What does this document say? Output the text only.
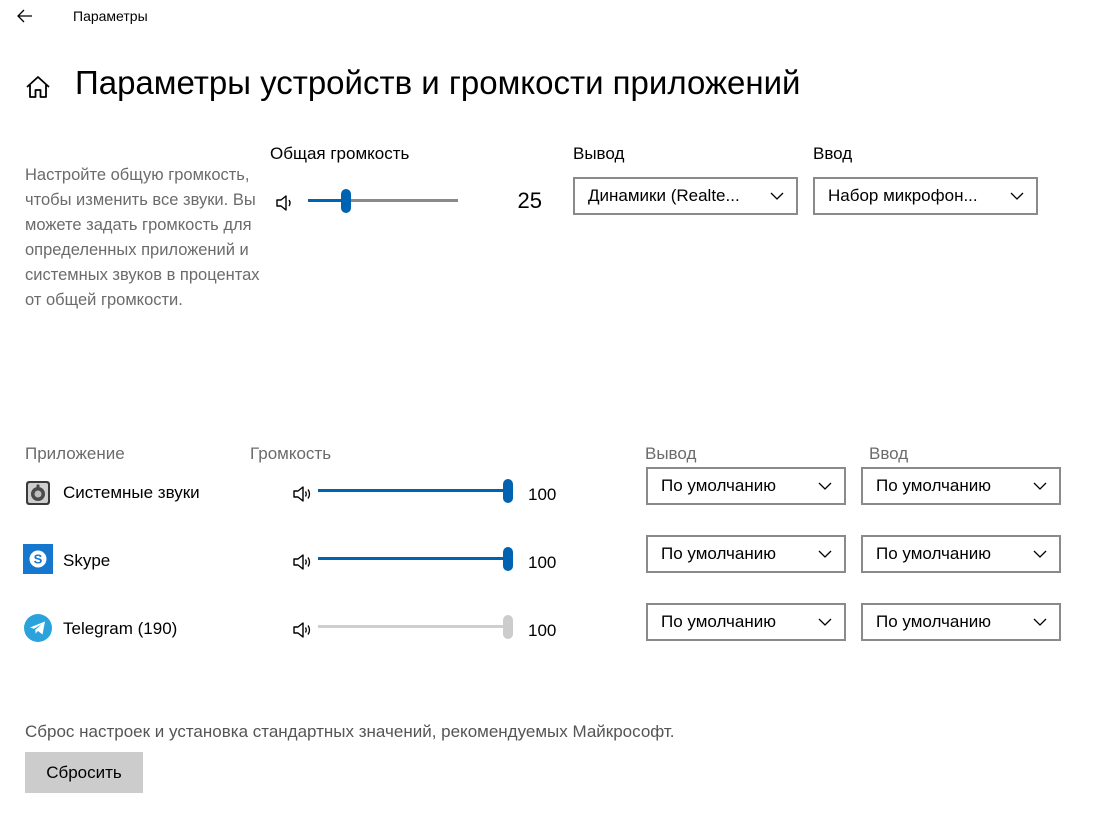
Параметры
Параметры устройств и громкости приложений
Настройте общую громкость, чтобы изменить все звуки. Вы можете задать громкость для определенных приложений и системных звуков в процентах от общей громкости.
Общая громкость
25
Вывод
Динамики (Realte...
Ввод
Набор микрофон...
Приложение	Громкость	Вывод	Ввод
Системные звуки	100	По умолчанию	По умолчанию
S Skype	100	По умолчанию	По умолчанию
Telegram (190)	100	По умолчанию	По умолчанию
Сброс настроек и установка стандартных значений, рекомендуемых Майкрософт.
Сбросить
